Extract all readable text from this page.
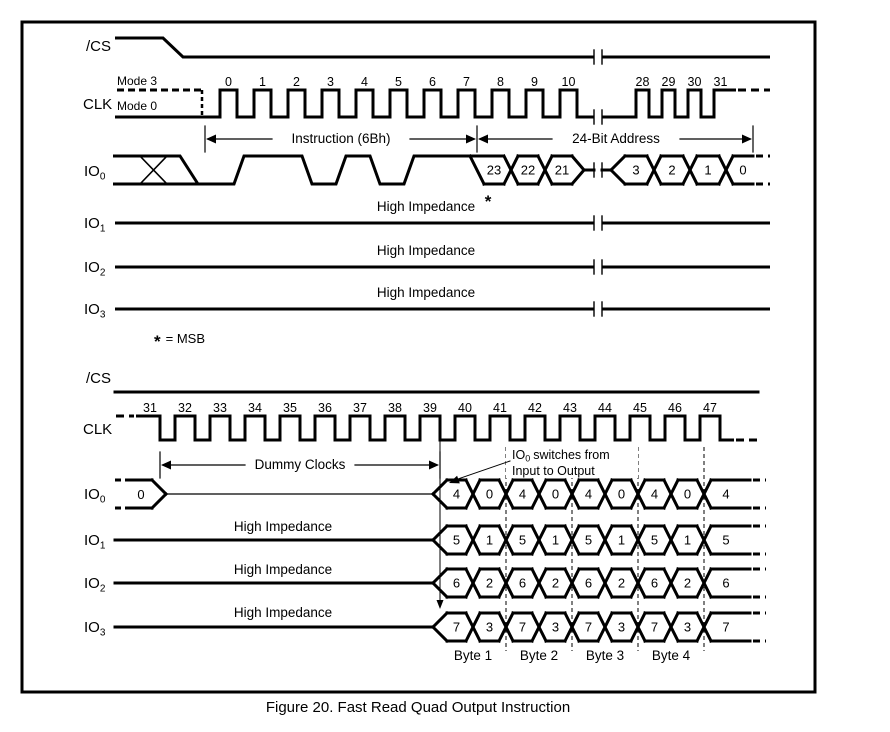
0 1 2 3 4 5 6 7 8 9 10	28 29 30 31
23 22 21	3 2 1 0
31 32 33 34 35 36 37 38 39 40 41 42 43 44 45 46 47
4 0 4 0 4 0 4 0 4
5 1 5 1 5 1 5 1 5
6 2 6 2 6 2 6 2 6
7 3 7 3 7 3 7 3 7
Byte 1 Byte 2 Byte 3 Byte 4
/CS
CLK
Mode 3
Mode 0
Instruction (6Bh)	24-Bit Address
$IO_0$
$IO_1$
$IO_2$
$IO_3$
High Impedance
High Impedance
High Impedance
*
* $^{= MSB}$
/CS
CLK
Dummy Clocks
$IO_0$ switches from
Input to Output
$IO_0$
$IO_1$
$IO_2$
$IO_3$
High Impedance
High Impedance
High Impedance
0
Figure 20. Fast Read Quad Output Instruction
